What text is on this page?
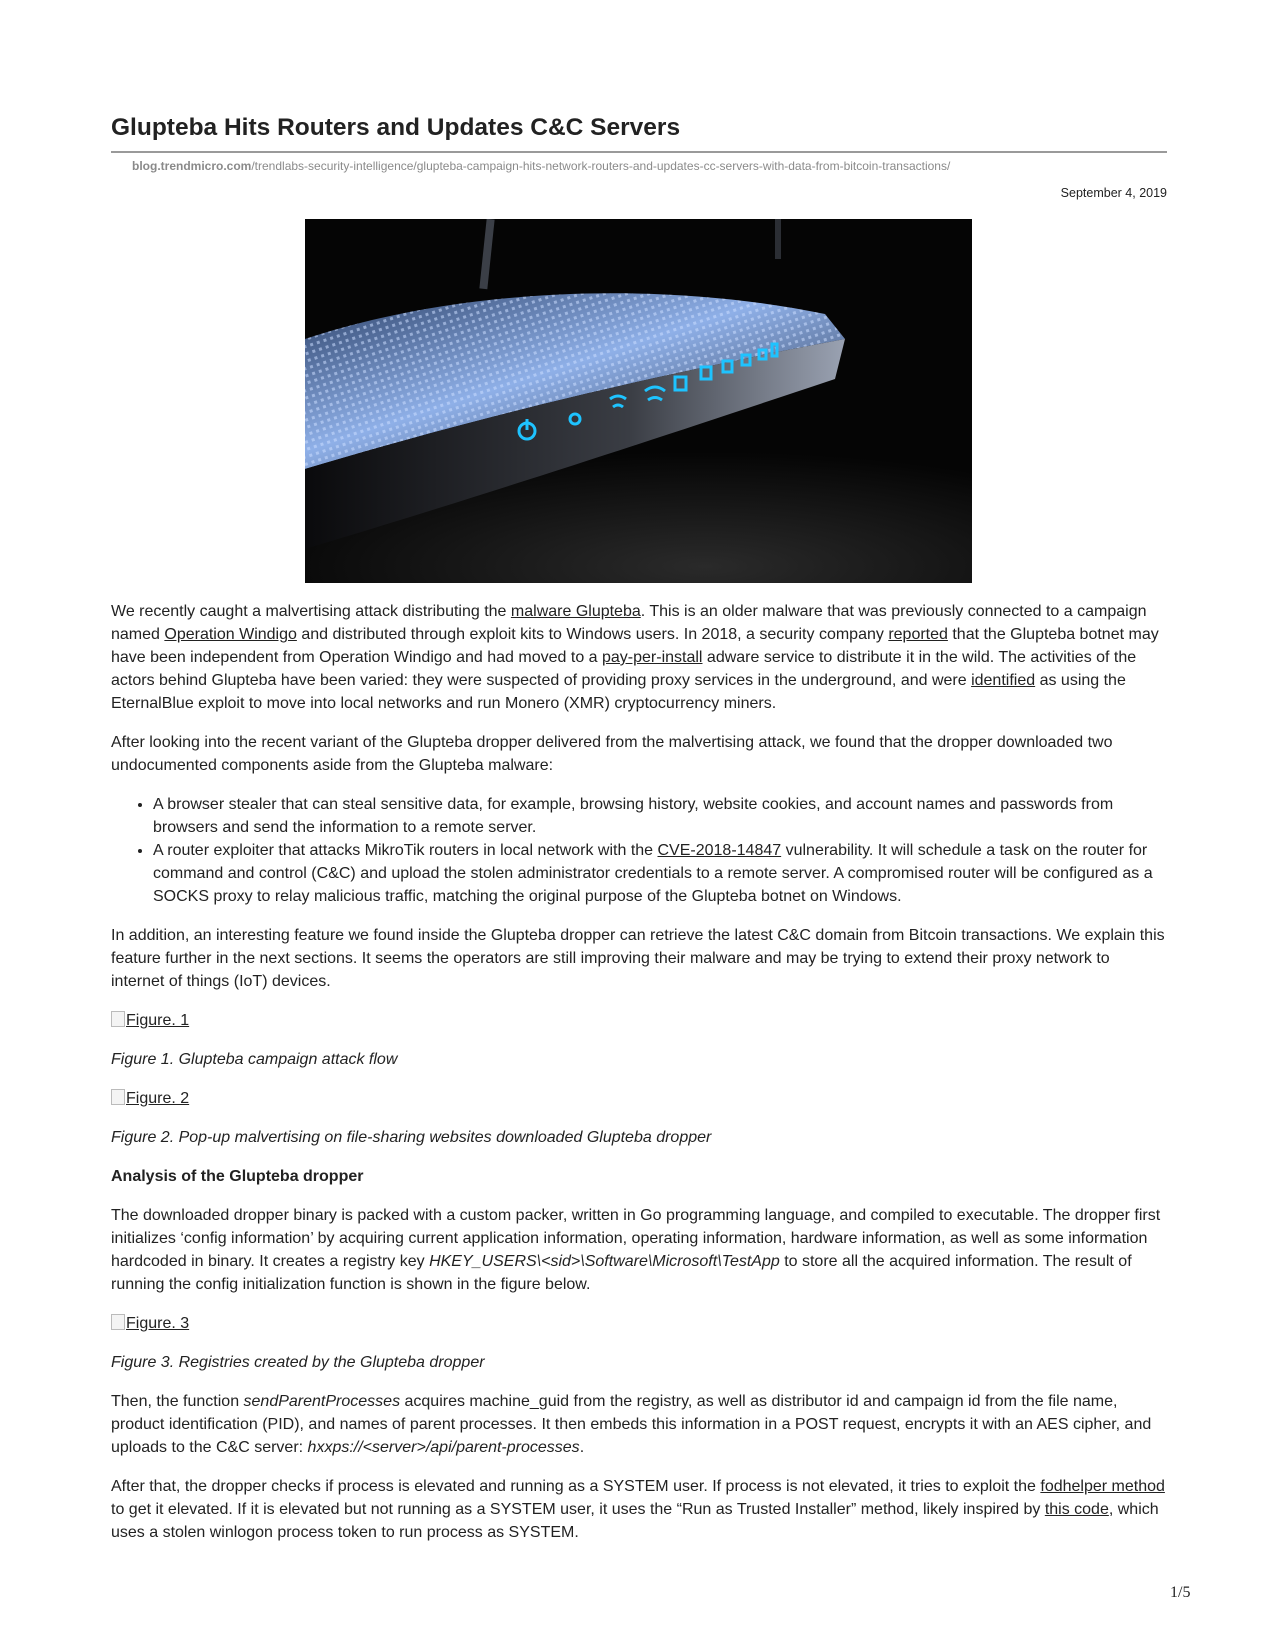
Glupteba Hits Routers and Updates C&C Servers
blog.trendmicro.com/trendlabs-security-intelligence/glupteba-campaign-hits-network-routers-and-updates-cc-servers-with-data-from-bitcoin-transactions/
September 4, 2019

We recently caught a malvertising attack distributing the malware Glupteba. This is an older malware that was previously connected to a campaign named Operation Windigo and distributed through exploit kits to Windows users. In 2018, a security company reported that the Glupteba botnet may have been independent from Operation Windigo and had moved to a pay-per-install adware service to distribute it in the wild. The activities of the actors behind Glupteba have been varied: they were suspected of providing proxy services in the underground, and were identified as using the EternalBlue exploit to move into local networks and run Monero (XMR) cryptocurrency miners.

After looking into the recent variant of the Glupteba dropper delivered from the malvertising attack, we found that the dropper downloaded two undocumented components aside from the Glupteba malware:

• A browser stealer that can steal sensitive data, for example, browsing history, website cookies, and account names and passwords from browsers and send the information to a remote server.
• A router exploiter that attacks MikroTik routers in local network with the CVE-2018-14847 vulnerability. It will schedule a task on the router for command and control (C&C) and upload the stolen administrator credentials to a remote server. A compromised router will be configured as a SOCKS proxy to relay malicious traffic, matching the original purpose of the Glupteba botnet on Windows.

In addition, an interesting feature we found inside the Glupteba dropper can retrieve the latest C&C domain from Bitcoin transactions. We explain this feature further in the next sections. It seems the operators are still improving their malware and may be trying to extend their proxy network to internet of things (IoT) devices.

Figure. 1

Figure 1. Glupteba campaign attack flow

Figure. 2

Figure 2. Pop-up malvertising on file-sharing websites downloaded Glupteba dropper

Analysis of the Glupteba dropper

The downloaded dropper binary is packed with a custom packer, written in Go programming language, and compiled to executable. The dropper first initializes ‘config information’ by acquiring current application information, operating information, hardware information, as well as some information hardcoded in binary. It creates a registry key HKEY_USERS\<sid>\Software\Microsoft\TestApp to store all the acquired information. The result of running the config initialization function is shown in the figure below.

Figure. 3

Figure 3. Registries created by the Glupteba dropper

Then, the function sendParentProcesses acquires machine_guid from the registry, as well as distributor id and campaign id from the file name, product identification (PID), and names of parent processes. It then embeds this information in a POST request, encrypts it with an AES cipher, and uploads to the C&C server: hxxps://<server>/api/parent-processes.

After that, the dropper checks if process is elevated and running as a SYSTEM user. If process is not elevated, it tries to exploit the fodhelper method to get it elevated. If it is elevated but not running as a SYSTEM user, it uses the “Run as Trusted Installer” method, likely inspired by this code, which uses a stolen winlogon process token to run process as SYSTEM.

1/5
